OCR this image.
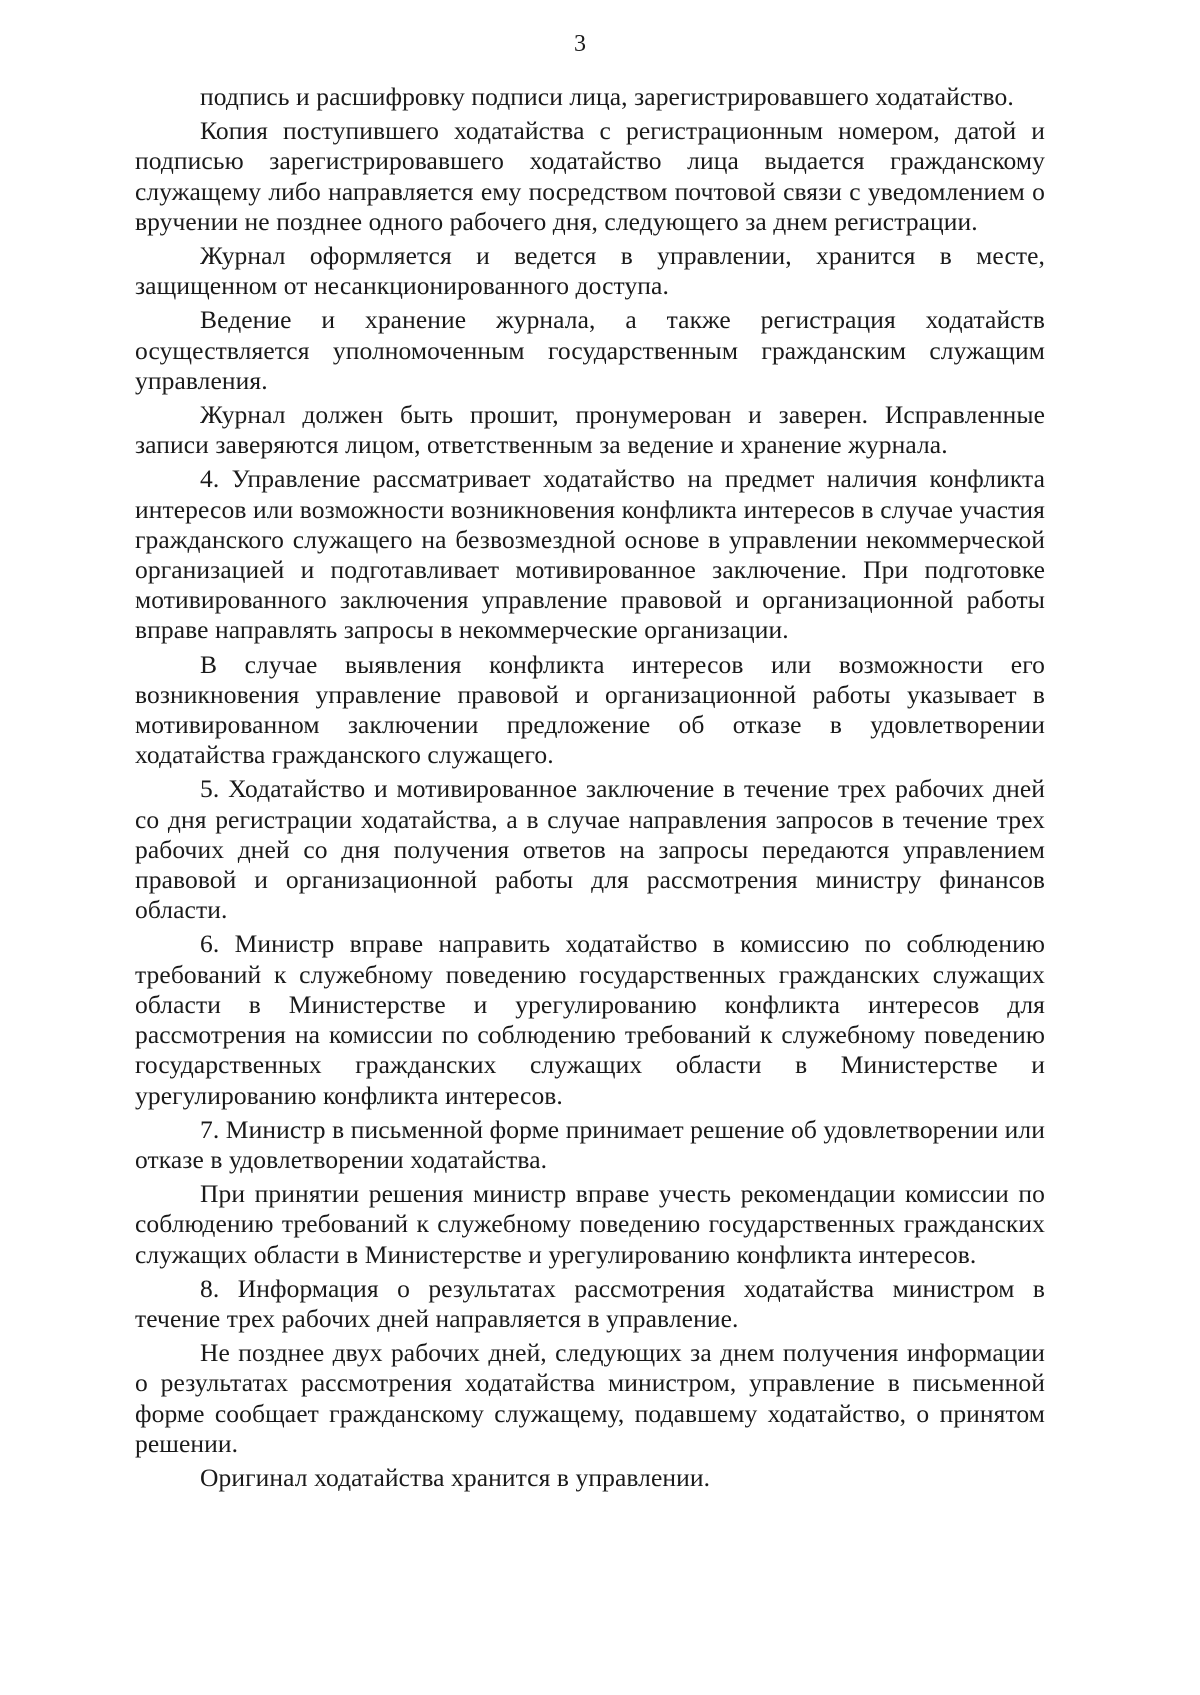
3

подпись и расшифровку подписи лица, зарегистрировавшего ходатайство.

Копия поступившего ходатайства с регистрационным номером, датой и подписью зарегистрировавшего ходатайство лица выдается гражданскому служащему либо направляется ему посредством почтовой связи с уведомлением о вручении не позднее одного рабочего дня, следующего за днем регистрации.

Журнал оформляется и ведется в управлении, хранится в месте, защищенном от несанкционированного доступа.

Ведение и хранение журнала, а также регистрация ходатайств осуществляется уполномоченным государственным гражданским служащим управления.

Журнал должен быть прошит, пронумерован и заверен. Исправленные записи заверяются лицом, ответственным за ведение и хранение журнала.

4. Управление рассматривает ходатайство на предмет наличия конфликта интересов или возможности возникновения конфликта интересов в случае участия гражданского служащего на безвозмездной основе в управлении некоммерческой организацией и подготавливает мотивированное заключение. При подготовке мотивированного заключения управление правовой и организационной работы вправе направлять запросы в некоммерческие организации.

В случае выявления конфликта интересов или возможности его возникновения управление правовой и организационной работы указывает в мотивированном заключении предложение об отказе в удовлетворении ходатайства гражданского служащего.

5. Ходатайство и мотивированное заключение в течение трех рабочих дней со дня регистрации ходатайства, а в случае направления запросов в течение трех рабочих дней со дня получения ответов на запросы передаются управлением правовой и организационной работы для рассмотрения министру финансов области.

6. Министр вправе направить ходатайство в комиссию по соблюдению требований к служебному поведению государственных гражданских служащих области в Министерстве и урегулированию конфликта интересов для рассмотрения на комиссии по соблюдению требований к служебному поведению государственных гражданских служащих области в Министерстве и урегулированию конфликта интересов.

7. Министр в письменной форме принимает решение об удовлетворении или отказе в удовлетворении ходатайства.

При принятии решения министр вправе учесть рекомендации комиссии по соблюдению требований к служебному поведению государственных гражданских служащих области в Министерстве и урегулированию конфликта интересов.

8. Информация о результатах рассмотрения ходатайства министром в течение трех рабочих дней направляется в управление.

Не позднее двух рабочих дней, следующих за днем получения информации о результатах рассмотрения ходатайства министром, управление в письменной форме сообщает гражданскому служащему, подавшему ходатайство, о принятом решении.

Оригинал ходатайства хранится в управлении.
